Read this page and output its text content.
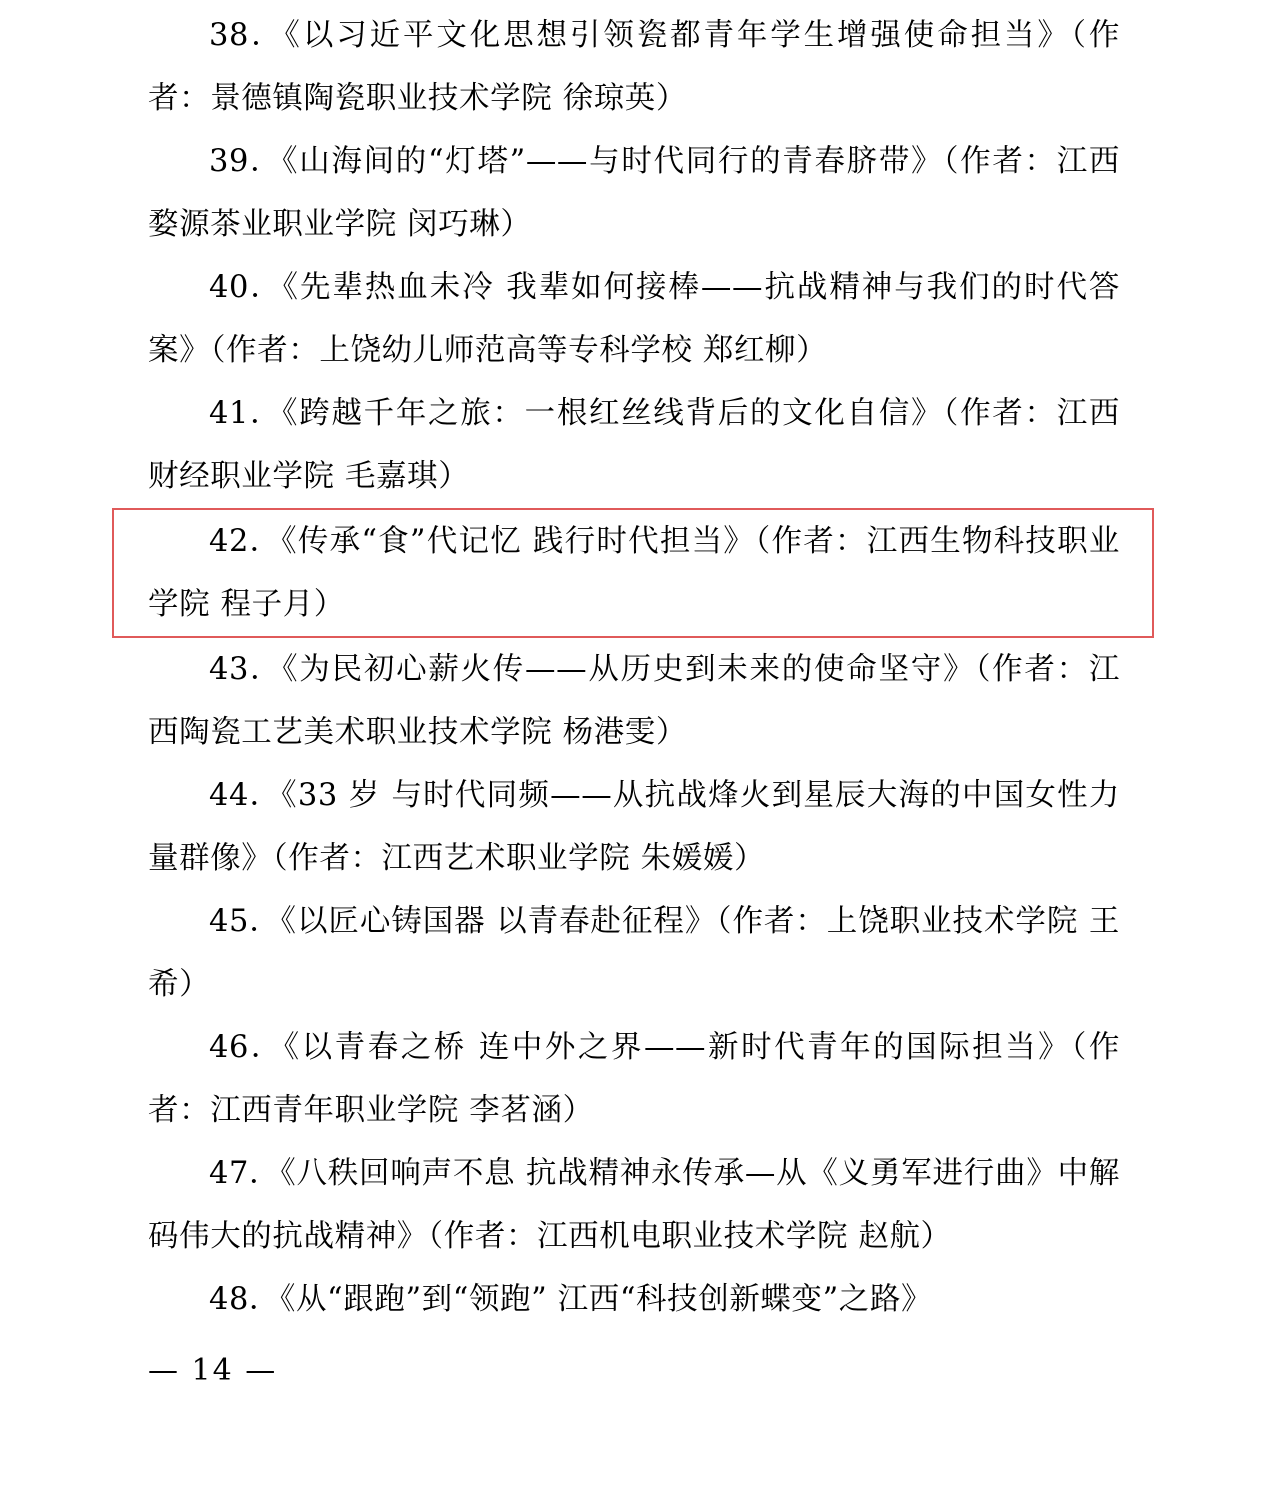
38．《以习近平文化思想引领瓷都青年学生增强使命担当》（作者：景德镇陶瓷职业技术学院 徐琼英）

39．《山海间的“灯塔”——与时代同行的青春脐带》（作者：江西婺源茶业职业学院 闵巧琳）

40．《先辈热血未冷 我辈如何接棒——抗战精神与我们的时代答案》（作者：上饶幼儿师范高等专科学校 郑红柳）

41．《跨越千年之旅：一根红丝线背后的文化自信》（作者：江西财经职业学院 毛嘉琪）

42．《传承“食”代记忆 践行时代担当》（作者：江西生物科技职业学院 程子月）

43．《为民初心薪火传——从历史到未来的使命坚守》（作者：江西陶瓷工艺美术职业技术学院 杨港雯）

44．《33 岁 与时代同频——从抗战烽火到星辰大海的中国女性力量群像》（作者：江西艺术职业学院 朱媛媛）

45．《以匠心铸国器 以青春赴征程》（作者：上饶职业技术学院 王希）

46．《以青春之桥 连中外之界——新时代青年的国际担当》（作者：江西青年职业学院 李茗涵）

47．《八秩回响声不息 抗战精神永传承—从《义勇军进行曲》中解码伟大的抗战精神》（作者：江西机电职业技术学院 赵航）

48．《从“跟跑”到“领跑” 江西“科技创新蝶变”之路》

— 14 —
